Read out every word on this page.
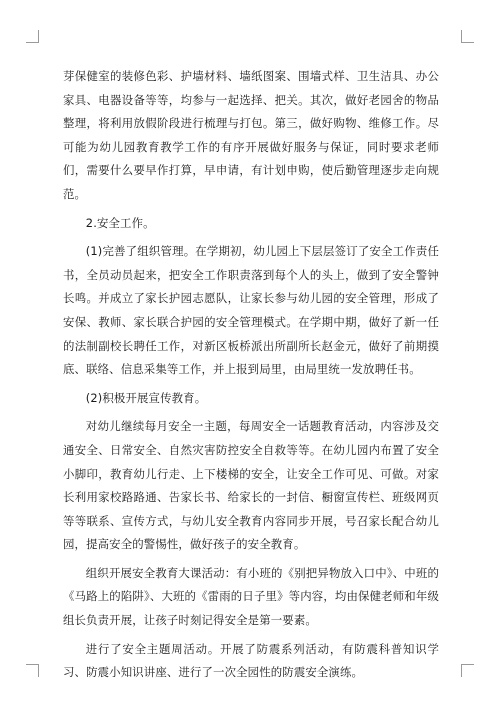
芽保健室的装修色彩、护墙材料、墙纸图案、围墙式样、卫生洁具、办公家具、电器设备等等，均参与一起选择、把关。其次，做好老园舍的物品整理，将利用放假阶段进行梳理与打包。第三，做好购物、维修工作。尽可能为幼儿园教育教学工作的有序开展做好服务与保证，同时要求老师们，需要什么要早作打算，早申请，有计划申购，使后勤管理逐步走向规范。

2.安全工作。

(1)完善了组织管理。在学期初，幼儿园上下层层签订了安全工作责任书，全员动员起来，把安全工作职责落到每个人的头上，做到了安全警钟长鸣。并成立了家长护园志愿队，让家长参与幼儿园的安全管理，形成了安保、教师、家长联合护园的安全管理模式。在学期中期，做好了新一任的法制副校长聘任工作，对新区板桥派出所副所长赵金元，做好了前期摸底、联络、信息采集等工作，并上报到局里，由局里统一发放聘任书。

(2)积极开展宣传教育。

对幼儿继续每月安全一主题，每周安全一话题教育活动，内容涉及交通安全、日常安全、自然灾害防控安全自救等等。在幼儿园内布置了安全小脚印，教育幼儿行走、上下楼梯的安全，让安全工作可见、可做。对家长利用家校路路通、告家长书、给家长的一封信、橱窗宣传栏、班级网页等等联系、宣传方式，与幼儿安全教育内容同步开展，号召家长配合幼儿园，提高安全的警惕性，做好孩子的安全教育。

组织开展安全教育大课活动：有小班的《别把异物放入口中》、中班的《马路上的陷阱》、大班的《雷雨的日子里》等内容，均由保健老师和年级组长负责开展，让孩子时刻记得安全是第一要素。

进行了安全主题周活动。开展了防震系列活动，有防震科普知识学习、防震小知识讲座、进行了一次全园性的防震安全演练。
